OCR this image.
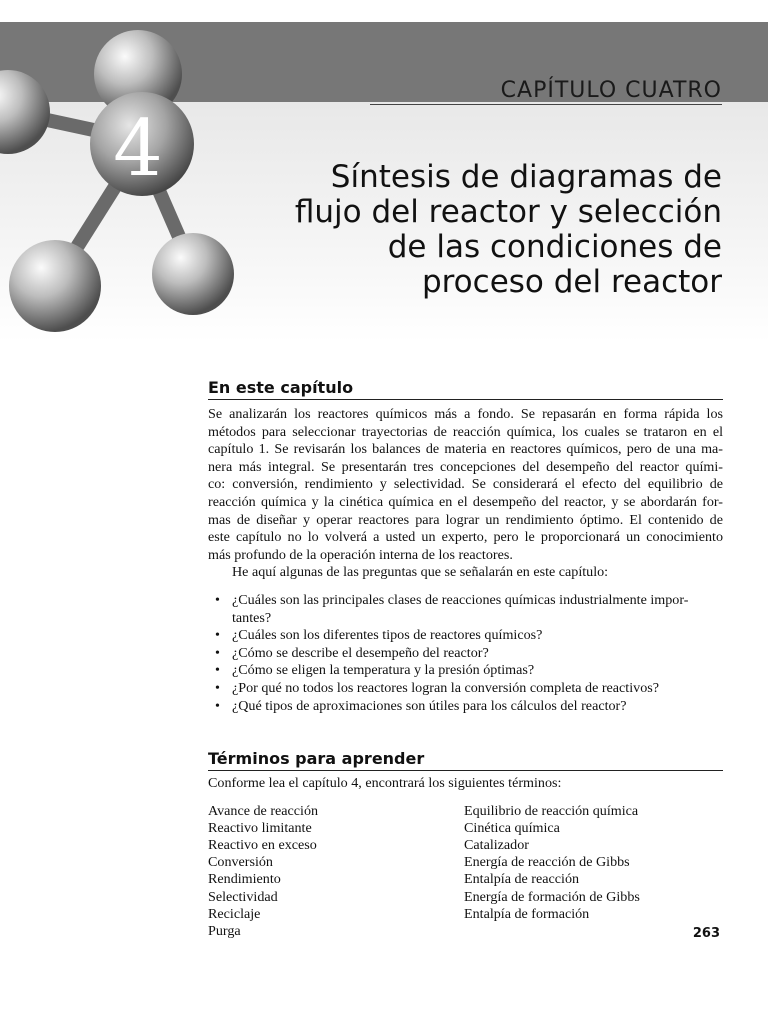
4
CAPÍTULO CUATRO
Síntesis de diagramas de
flujo del reactor y selección
de las condiciones de
proceso del reactor
En este capítulo

Se analizarán los reactores químicos más a fondo. Se repasarán en forma rápida los
métodos para seleccionar trayectorias de reacción química, los cuales se trataron en el
capítulo 1. Se revisarán los balances de materia en reactores químicos, pero de una ma-
nera más integral. Se presentarán tres concepciones del desempeño del reactor quími-
co: conversión, rendimiento y selectividad. Se considerará el efecto del equilibrio de
reacción química y la cinética química en el desempeño del reactor, y se abordarán for-
mas de diseñar y operar reactores para lograr un rendimiento óptimo. El contenido de
este capítulo no lo volverá a usted un experto, pero le proporcionará un conocimiento
más profundo de la operación interna de los reactores.

He aquí algunas de las preguntas que se señalarán en este capítulo:

• ¿Cuáles son las principales clases de reacciones químicas industrialmente impor-
tantes?
• ¿Cuáles son los diferentes tipos de reactores químicos?
• ¿Cómo se describe el desempeño del reactor?
• ¿Cómo se eligen la temperatura y la presión óptimas?
• ¿Por qué no todos los reactores logran la conversión completa de reactivos?
• ¿Qué tipos de aproximaciones son útiles para los cálculos del reactor?
Términos para aprender

Conforme lea el capítulo 4, encontrará los siguientes términos:

Avance de reacción
Reactivo limitante
Reactivo en exceso
Conversión
Rendimiento
Selectividad
Reciclaje
Purga
Equilibrio de reacción química
Cinética química
Catalizador
Energía de reacción de Gibbs
Entalpía de reacción
Energía de formación de Gibbs
Entalpía de formación
263
